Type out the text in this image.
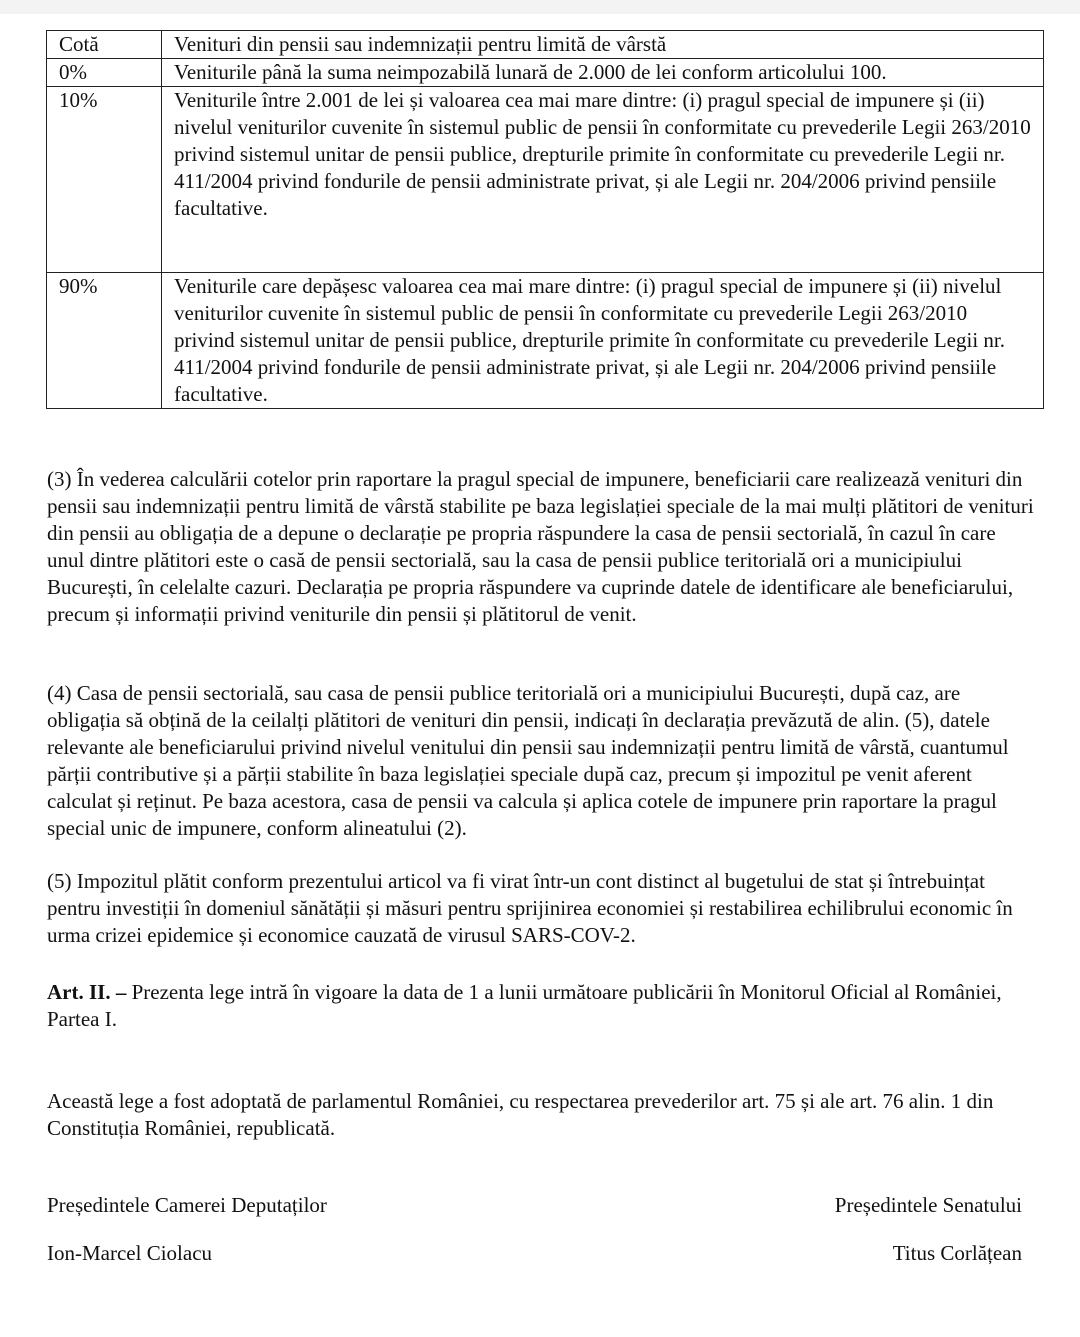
Cotă	Venituri din pensii sau indemnizații pentru limită de vârstă
0%	Veniturile până la suma neimpozabilă lunară de 2.000 de lei conform articolului 100.
10%	Veniturile între 2.001 de lei și valoarea cea mai mare dintre: (i) pragul special de impunere și (ii) nivelul veniturilor cuvenite în sistemul public de pensii în conformitate cu prevederile Legii 263/2010 privind sistemul unitar de pensii publice, drepturile primite în conformitate cu prevederile Legii nr. 411/2004 privind fondurile de pensii administrate privat, și ale Legii nr. 204/2006 privind pensiile facultative.
90%	Veniturile care depășesc valoarea cea mai mare dintre: (i) pragul special de impunere și (ii) nivelul veniturilor cuvenite în sistemul public de pensii în conformitate cu prevederile Legii 263/2010 privind sistemul unitar de pensii publice, drepturile primite în conformitate cu prevederile Legii nr. 411/2004 privind fondurile de pensii administrate privat, și ale Legii nr. 204/2006 privind pensiile facultative.

(3) În vederea calculării cotelor prin raportare la pragul special de impunere, beneficiarii care realizează venituri din pensii sau indemnizații pentru limită de vârstă stabilite pe baza legislației speciale de la mai mulți plătitori de venituri din pensii au obligația de a depune o declarație pe propria răspundere la casa de pensii sectorială, în cazul în care unul dintre plătitori este o casă de pensii sectorială, sau la casa de pensii publice teritorială ori a municipiului București, în celelalte cazuri. Declarația pe propria răspundere va cuprinde datele de identificare ale beneficiarului, precum și informații privind veniturile din pensii și plătitorul de venit.

(4) Casa de pensii sectorială, sau casa de pensii publice teritorială ori a municipiului București, după caz, are obligația să obțină de la ceilalți plătitori de venituri din pensii, indicați în declarația prevăzută de alin. (5), datele relevante ale beneficiarului privind nivelul venitului din pensii sau indemnizații pentru limită de vârstă, cuantumul părții contributive și a părții stabilite în baza legislației speciale după caz, precum și impozitul pe venit aferent calculat și reținut. Pe baza acestora, casa de pensii va calcula și aplica cotele de impunere prin raportare la pragul special unic de impunere, conform alineatului (2).

(5) Impozitul plătit conform prezentului articol va fi virat într-un cont distinct al bugetului de stat și întrebuințat pentru investiții în domeniul sănătății și măsuri pentru sprijinirea economiei și restabilirea echilibrului economic în urma crizei epidemice și economice cauzată de virusul SARS-COV-2.

Art. II. – Prezenta lege intră în vigoare la data de 1 a lunii următoare publicării în Monitorul Oficial al României, Partea I.

Această lege a fost adoptată de parlamentul României, cu respectarea prevederilor art. 75 și ale art. 76 alin. 1 din Constituția României, republicată.

Președintele Camerei Deputaților

Ion-Marcel Ciolacu

Președintele Senatului

Titus Corlățean
